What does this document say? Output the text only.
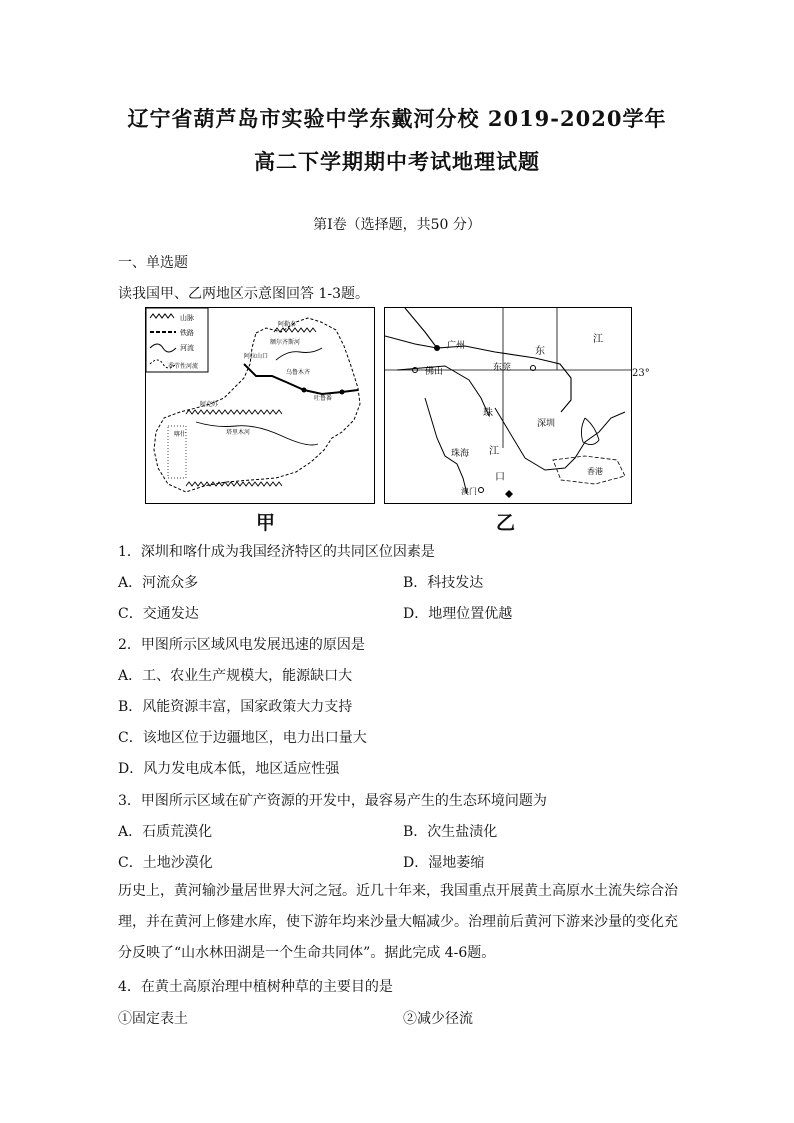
辽宁省葫芦岛市实验中学东戴河分校 2019-2020学年
高二下学期期中考试地理试题
第Ⅰ卷（选择题，共50 分）
一、单选题
读我国甲、乙两地区示意图回答 1-3题。
山脉
铁路
河流
季节性河流
阿勒泰
额尔齐斯河
阿拉山口
乌鲁木齐
吐鲁番
阿克苏
塔里木河
喀什
广州	东
江
佛山	东莞
珠
江
口
深圳
珠海
澳门
香港
23°
甲	乙
1．深圳和喀什成为我国经济特区的共同区位因素是
A．河流众多	B．科技发达
C．交通发达	D．地理位置优越
2．甲图所示区域风电发展迅速的原因是
A．工、农业生产规模大，能源缺口大
B．风能资源丰富，国家政策大力支持
C．该地区位于边疆地区，电力出口量大
D．风力发电成本低，地区适应性强
3．甲图所示区域在矿产资源的开发中，最容易产生的生态环境问题为
A．石质荒漠化	B．次生盐渍化
C．土地沙漠化	D．湿地萎缩
历史上，黄河输沙量居世界大河之冠。近几十年来，我国重点开展黄土高原水土流失综合治理，并在黄河上修建水库，使下游年均来沙量大幅减少。治理前后黄河下游来沙量的变化充分反映了“山水林田湖是一个生命共同体”。据此完成 4-6题。
4．在黄土高原治理中植树种草的主要目的是
①固定表土	②减少径流
